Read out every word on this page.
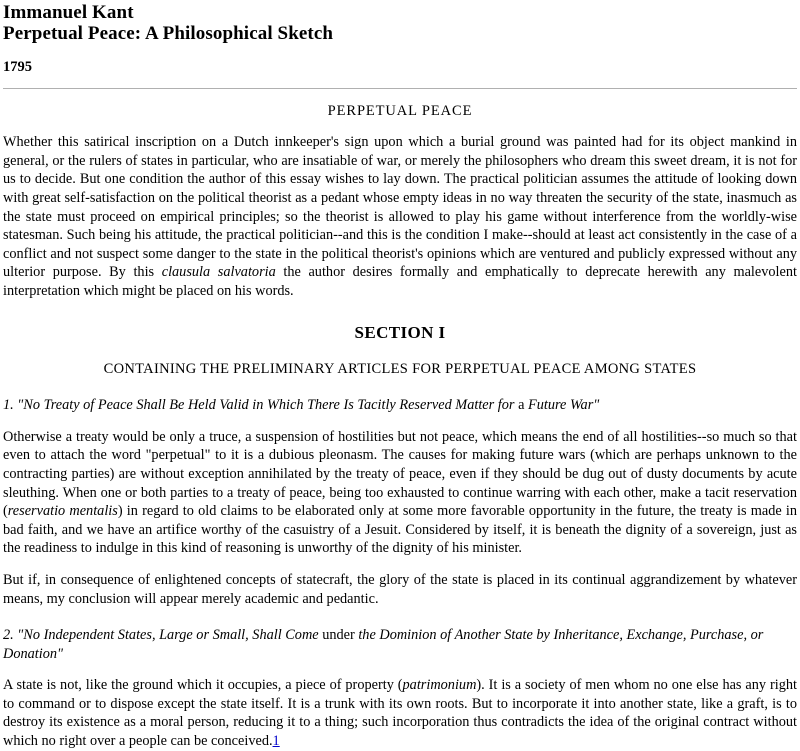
Immanuel Kant
Perpetual Peace: A Philosophical Sketch
1795
PERPETUAL PEACE

Whether this satirical inscription on a Dutch innkeeper's sign upon which a burial ground was painted had for its object mankind in general, or the rulers of states in particular, who are insatiable of war, or merely the philosophers who dream this sweet dream, it is not for us to decide. But one condition the author of this essay wishes to lay down. The practical politician assumes the attitude of looking down with great self-satisfaction on the political theorist as a pedant whose empty ideas in no way threaten the security of the state, inasmuch as the state must proceed on empirical principles; so the theorist is allowed to play his game without interference from the worldly-wise statesman. Such being his attitude, the practical politician--and this is the condition I make--should at least act consistently in the case of a conflict and not suspect some danger to the state in the political theorist's opinions which are ventured and publicly expressed without any ulterior purpose. By this clausula salvatoria the author desires formally and emphatically to deprecate herewith any malevolent interpretation which might be placed on his words.

SECTION I
CONTAINING THE PRELIMINARY ARTICLES FOR PERPETUAL PEACE AMONG STATES

1. "No Treaty of Peace Shall Be Held Valid in Which There Is Tacitly Reserved Matter for a Future War"

Otherwise a treaty would be only a truce, a suspension of hostilities but not peace, which means the end of all hostilities--so much so that even to attach the word "perpetual" to it is a dubious pleonasm. The causes for making future wars (which are perhaps unknown to the contracting parties) are without exception annihilated by the treaty of peace, even if they should be dug out of dusty documents by acute sleuthing. When one or both parties to a treaty of peace, being too exhausted to continue warring with each other, make a tacit reservation (reservatio mentalis) in regard to old claims to be elaborated only at some more favorable opportunity in the future, the treaty is made in bad faith, and we have an artifice worthy of the casuistry of a Jesuit. Considered by itself, it is beneath the dignity of a sovereign, just as the readiness to indulge in this kind of reasoning is unworthy of the dignity of his minister.

But if, in consequence of enlightened concepts of statecraft, the glory of the state is placed in its continual aggrandizement by whatever means, my conclusion will appear merely academic and pedantic.

2. "No Independent States, Large or Small, Shall Come under the Dominion of Another State by Inheritance, Exchange, Purchase, or Donation"

A state is not, like the ground which it occupies, a piece of property (patrimonium). It is a society of men whom no one else has any right to command or to dispose except the state itself. It is a trunk with its own roots. But to incorporate it into another state, like a graft, is to destroy its existence as a moral person, reducing it to a thing; such incorporation thus contradicts the idea of the original contract without which no right over a people can be conceived.1
